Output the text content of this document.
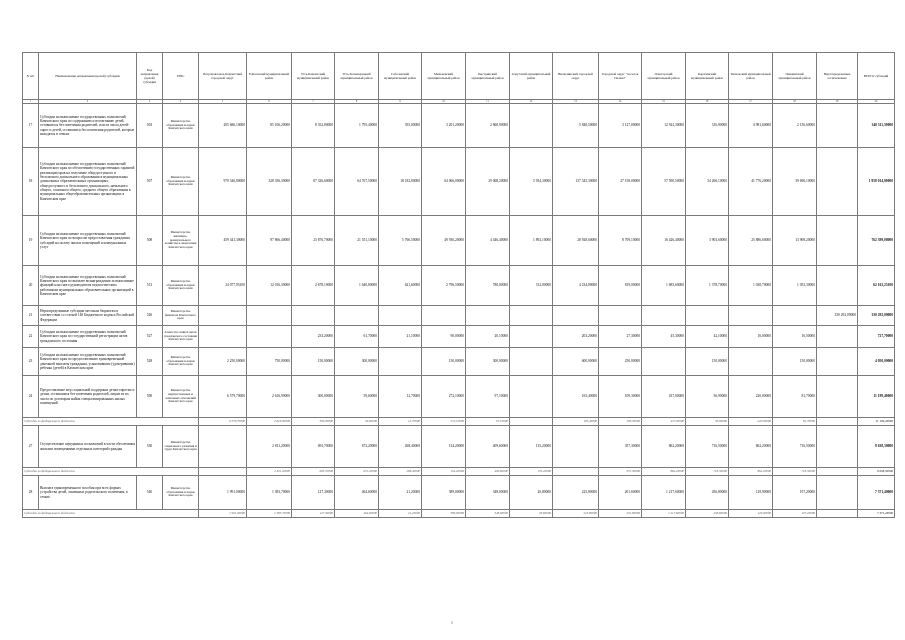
N п/п	Наименование направления (целей) субсидии	Код направления (целей) субсидии	ГРБС	Петропавловск-Камчатский городской округ	Елизовский муниципальный район	Усть-Камчатский муниципальный район	Усть-Большерецкий муниципальный район	Соболевский муниципальный район	Мильковский муниципальный район	Быстринский муниципальный район	Алеутский муниципальный район	Вилючинский городской округ	Городской округ "поселок Палана"	Олюторский муниципальный район	Карагинский муниципальный район	Тигильский муниципальный район	Пенжинский муниципальный район	Нераспределенные ассигнования	ВСЕГО субсидий
1	2	3	4	5	6	7	8	9	10	11	12	13	14	15	16	17	18	19	20
17	Субсидии на выполнение государственных полномочий Камчатского края по содержанию и воспитанию детей, оставшихся без попечения родителей, или из числа детей-сирот и детей, оставшихся без попечения родителей, которые находятся в семьях	503	Министерство образования и науки Камчатского края	205 686,10000	85 106,20000	8 352,80000	1 795,40000	355,00000	3 201,20000	2 860,90000		5 848,50000	3 127,00000	12 922,30000	316,90000	4 981,60000	2 156,60000		340 511,59000
18	Субсидии на выполнение государственных полномочий Камчатского края по обеспечению государственных гарантий реализации прав на получение общедоступного и бесплатного дошкольного образования в муниципальных дошкольных образовательных организациях, общедоступного и бесплатного дошкольного, начального общего, основного общего, среднего общего образования в муниципальных общеобразовательных организациях в Камчатском крае	507	Министерство образования и науки Камчатского края	970 346,80000	328 356,30000	87 326,60000	64 767,50000	18 182,80000	64 066,00000	29 068,20000	5 934,30000	137 345,30000	27 158,00000	57 590,50000	54 266,10000	41 776,20000	39 696,10000		1 958 014,90000
19	Субсидии на выполнение государственных полномочий Камчатского края по вопросам предоставления гражданам субсидий на оплату жилых помещений и коммунальных услуг	508	Министерство жилищно-коммунального хозяйства и энергетики Камчатского края	459 341,30000	97 866,40000	23 876,70000	21 551,10000	5 766,50000	49 936,20000	4 446,40000	1 892,10000	28 928,60000	8 709,10000	16 426,40000	3 903,60000	25 886,60000	13 908,20000		762 399,08000
20	Субсидии на выполнение государственных полномочий Камчатского края по выплате вознаграждения за выполнение функций классного руководителя педагогическим работникам муниципальных образовательных организаций в Камчатском крае	513	Министерство образования и науки Камчатского края	24 077,95100	12 016,30000	2 678,10000	1 640,80000	621,60000	2 796,50000	780,00000	312,00000	4 234,80000	819,00000	1 685,60000	1 378,70000	1 030,70000	1 053,30000		62 163,25100
21	Нераспределенные субсидии местным бюджетам в соответствии со статьей 140 Бюджетного кодекса Российской Федерации	526	Министерство финансов Камчатского края															330 292,09000	330 292,09000
22	Субсидии на выполнение государственных полномочий Камчатского края по государственной регистрации актов гражданского состояния	527	Агентство записи актов гражданского состояния Камчатского края			233,20000	61,70000	21,10000	90,00000	20,10000		203,20000	27,30000	45,30000	42,10000	16,00000	16,50000		727,70000
23	Субсидии на выполнение государственных полномочий Камчатского края по предоставлению единовременной денежной выплаты гражданам, усыновившим (удочерившим) ребенка (детей) в Камчатском крае	528	Министерство образования и науки Камчатского края	2 250,00000	750,00000	150,00000	300,00000		150,00000	300,00000		600,00000	250,00000		150,00000		150,00000		4 050,00000
24	Предоставление мер социальной поддержки детям-сиротам и детям, оставшимся без попечения родителей, лицам из их числа по договорам найма специализированных жилых помещений	590	Министерство имущественных и земельных отношений Камчатского края	6 579,70000	2 616,90000	300,00000	59,60000	12,70000	272,10000	97,10000		165,40000	109,30000	437,00000	36,90000	220,00000	81,70000		11 199,40000
Субсидии из федерального бюджета				6 579,70000	2 616,90000	300,00000	59,60000	12,70000	272,10000	97,10000		165,40000	109,30000	437,00000	36,90000	220,00000	81,70000		11 199,40000
27	Осуществление переданных полномочий в части обеспечения жилыми помещениями отдельных категорий граждан	530	Министерство социального развития и труда Камчатского края		2 811,20000	693,70000	672,20000	268,40000	134,20000	409,60000	135,20000		357,30000	862,20000	716,50000	862,20000	716,50000		8 638,30000
Субсидии из федерального бюджета					2 811,20000	693,70000	672,20000	268,40000	134,20000	409,60000	135,20000		357,30000	862,20000	716,50000	862,20000	716,50000		8 638,30000
28	Выплата единовременного пособия при всех формах устройства детей, лишенных родительского попечения, в семью	540	Министерство образования и науки Камчатского края	1 991,00000	1 383,70000	127,30000	464,60000	21,20000	389,00000	348,00000	26,80000	225,80000	201,60000	1 217,60000	456,80000	129,90000	197,20000		7 371,40000
Субсидии из федерального бюджета				1 991,00000	1 383,70000	127,30000	464,60000	21,20000	389,00000	348,00000	26,80000	225,80000	201,60000	1 217,60000	456,80000	129,90000	197,20000		7 371,40000
1
